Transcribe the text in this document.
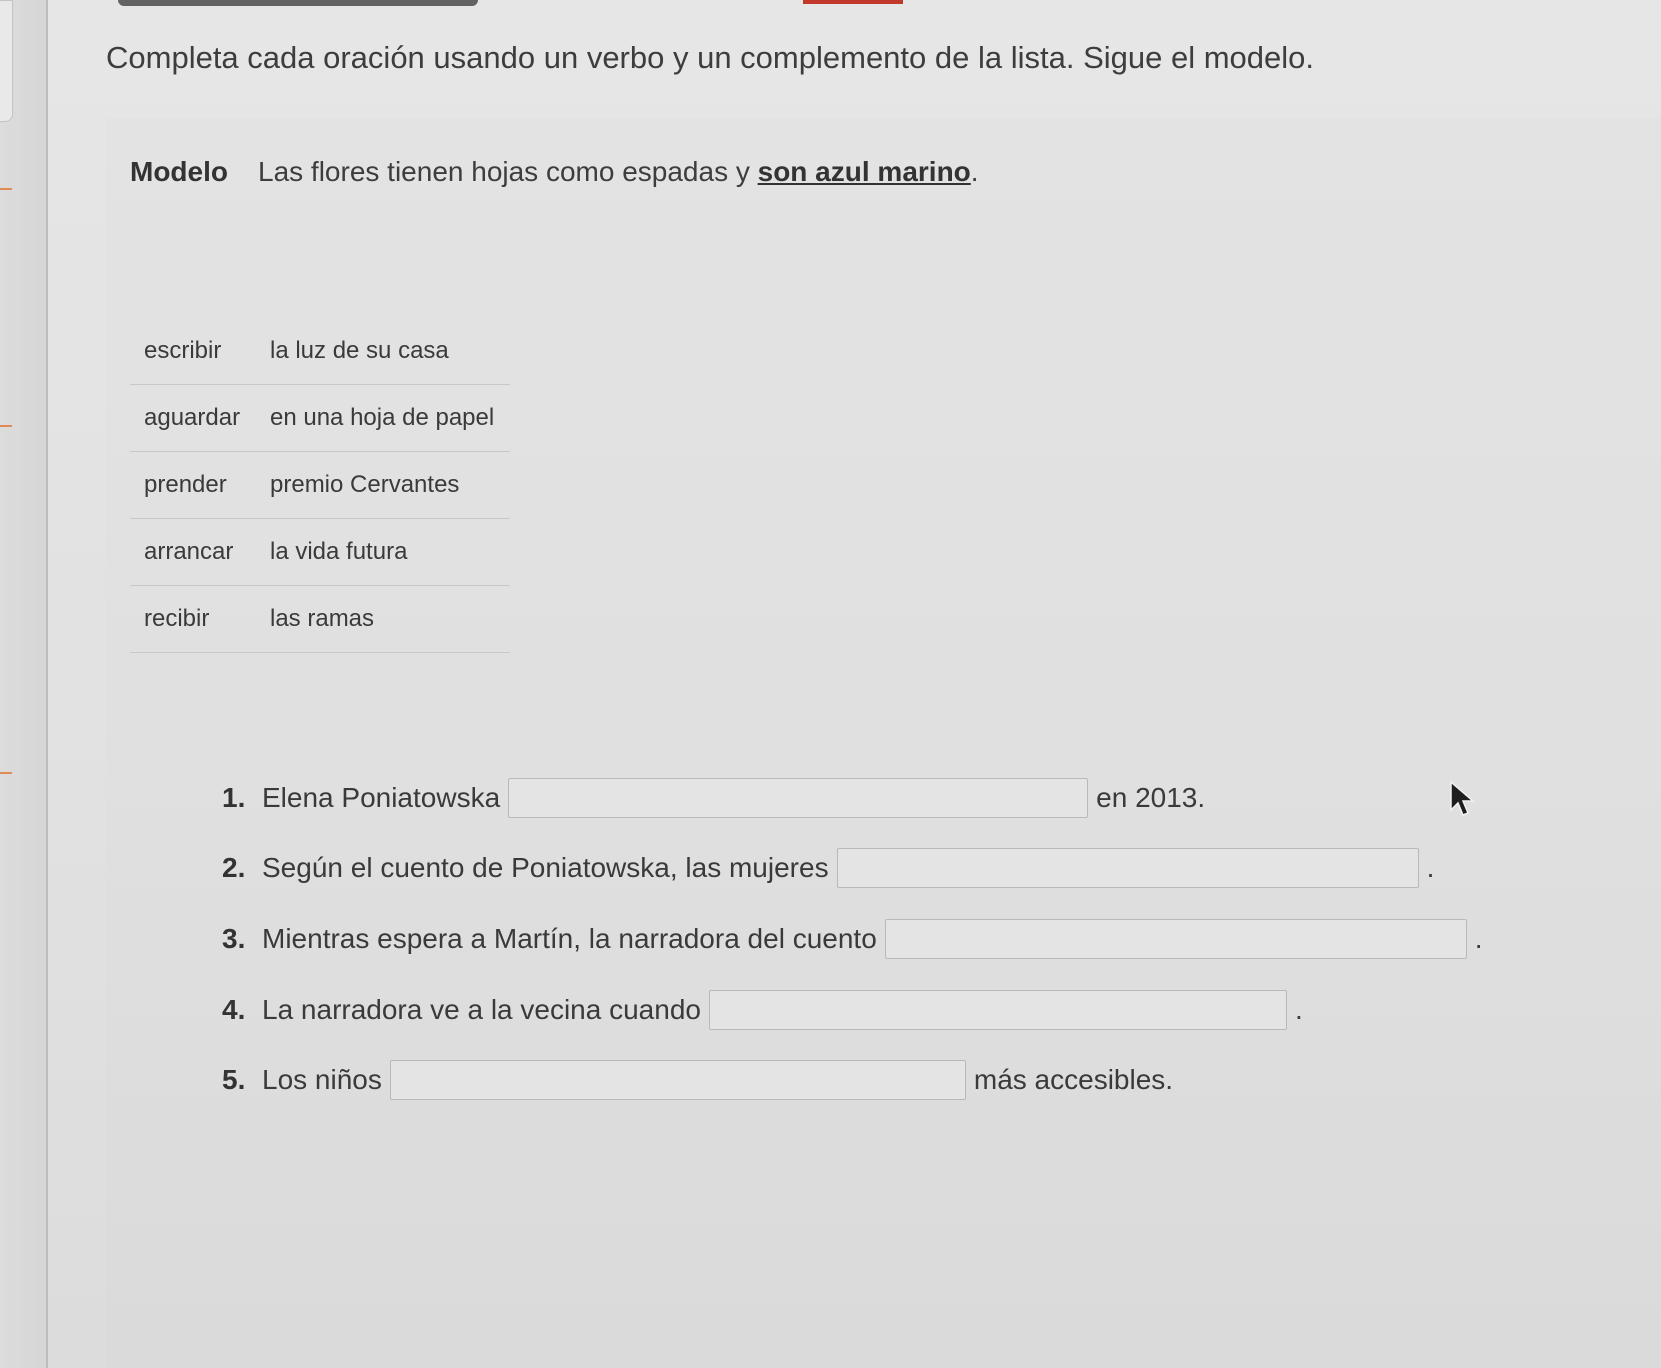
Completa cada oración usando un verbo y un complemento de la lista. Sigue el modelo.
Modelo Las flores tienen hojas como espadas y son azul marino.
escribir	la luz de su casa
aguardar	en una hoja de papel
prender	premio Cervantes
arrancar	la vida futura
recibir	las ramas
1. Elena Poniatowska	en 2013.
2. Según el cuento de Poniatowska, las mujeres	.
3. Mientras espera a Martín, la narradora del cuento	.
4. La narradora ve a la vecina cuando	.
5. Los niños	más accesibles.
